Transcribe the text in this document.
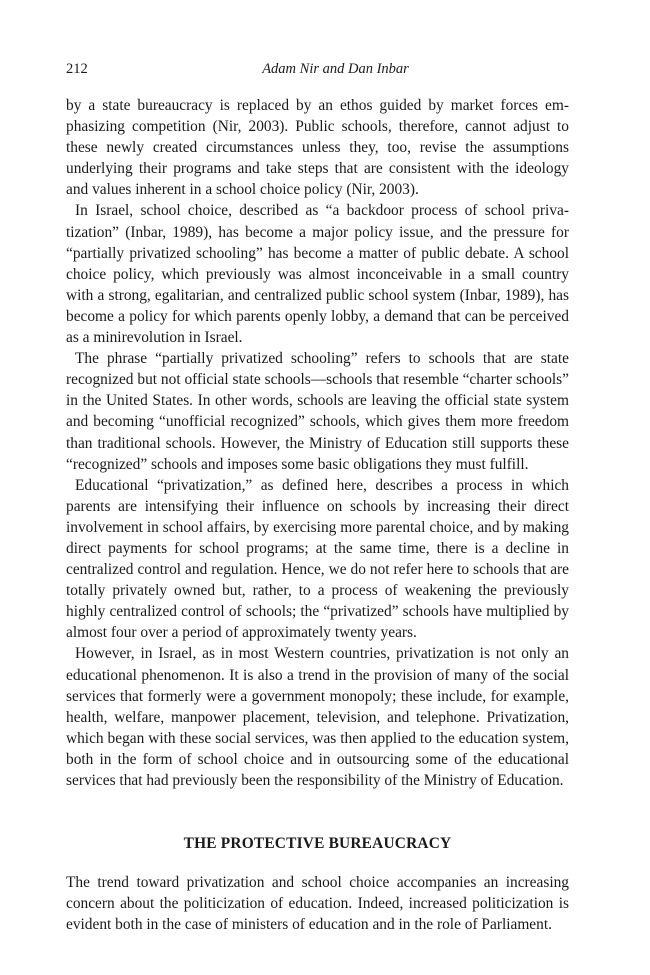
212	Adam Nir and Dan Inbar

by a state bureaucracy is replaced by an ethos guided by market forces emphasizing competition (Nir, 2003). Public schools, therefore, cannot adjust to these newly created circumstances unless they, too, revise the assumptions underlying their programs and take steps that are consistent with the ideology and values inherent in a school choice policy (Nir, 2003).

In Israel, school choice, described as “a backdoor process of school privatization” (Inbar, 1989), has become a major policy issue, and the pressure for “partially privatized schooling” has become a matter of public debate. A school choice policy, which previously was almost inconceivable in a small country with a strong, egalitarian, and centralized public school system (Inbar, 1989), has become a policy for which parents openly lobby, a demand that can be perceived as a minirevolution in Israel.

The phrase “partially privatized schooling” refers to schools that are state recognized but not official state schools—schools that resemble “charter schools” in the United States. In other words, schools are leaving the official state system and becoming “unofficial recognized” schools, which gives them more freedom than traditional schools. However, the Ministry of Education still supports these “recognized” schools and imposes some basic obligations they must fulfill.

Educational “privatization,” as defined here, describes a process in which parents are intensifying their influence on schools by increasing their direct involvement in school affairs, by exercising more parental choice, and by making direct payments for school programs; at the same time, there is a decline in centralized control and regulation. Hence, we do not refer here to schools that are totally privately owned but, rather, to a process of weakening the previously highly centralized control of schools; the “privatized” schools have multiplied by almost four over a period of approximately twenty years.

However, in Israel, as in most Western countries, privatization is not only an educational phenomenon. It is also a trend in the provision of many of the social services that formerly were a government monopoly; these include, for example, health, welfare, manpower placement, television, and telephone. Privatization, which began with these social services, was then applied to the education system, both in the form of school choice and in outsourcing some of the educational services that had previously been the responsibility of the Ministry of Education.

THE PROTECTIVE BUREAUCRACY

The trend toward privatization and school choice accompanies an increasing concern about the politicization of education. Indeed, increased politicization is evident both in the case of ministers of education and in the role of Parliament.
